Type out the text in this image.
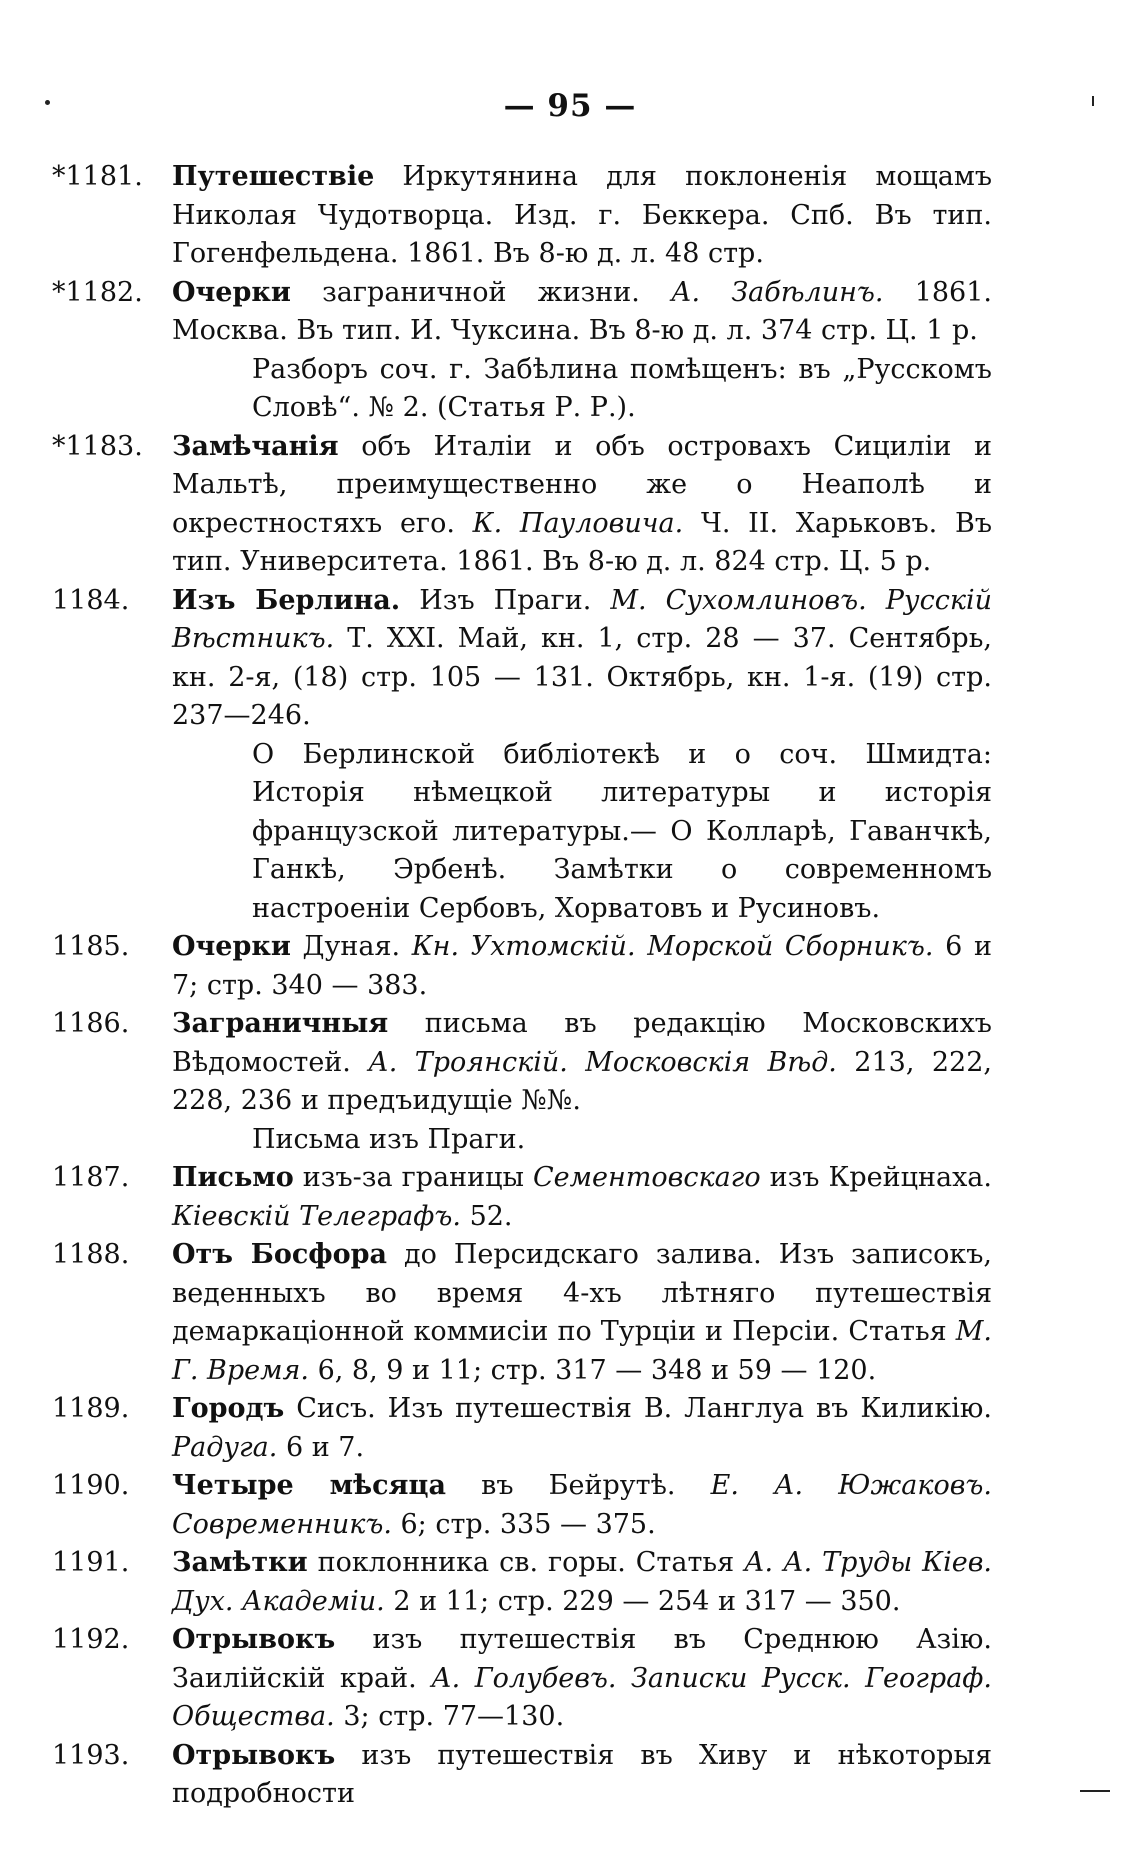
— 95 —
*1181.	Путешествіе Иркутянина для поклоненія мощамъ Николая Чудотворца. Изд. г. Беккера. Спб. Въ тип. Гогенфельдена. 1861. Въ 8-ю д. л. 48 стр.
*1182.	Очерки заграничной жизни. А. Забѣлинъ. 1861. Москва. Въ тип. И. Чуксина. Въ 8-ю д. л. 374 стр. Ц. 1 р.
Разборъ соч. г. Забѣлина помѣщенъ: въ „Русскомъ Словѣ“. № 2. (Статья Р. Р.).
*1183.	Замѣчанія объ Италіи и объ островахъ Сициліи и Мальтѣ, преимущественно же о Неаполѣ и окрестностяхъ его. К. Пауловича. Ч. II. Харьковъ. Въ тип. Университета. 1861. Въ 8-ю д. л. 824 стр. Ц. 5 р.
1184.	Изъ Берлина. Изъ Праги. М. Сухомлиновъ. Русскій Вѣстникъ. Т. XXI. Май, кн. 1, стр. 28 — 37. Сентябрь, кн. 2-я, (18) стр. 105 — 131. Октябрь, кн. 1-я. (19) стр. 237—246.
О Берлинской библіотекѣ и о соч. Шмидта: Исторія нѣмецкой литературы и исторія французской литературы.— О Колларѣ, Гаванчкѣ, Ганкѣ, Эрбенѣ. Замѣтки о современномъ настроеніи Сербовъ, Хорватовъ и Русиновъ.
1185.	Очерки Дуная. Кн. Ухтомскій. Морской Сборникъ. 6 и 7; стр. 340 — 383.
1186.	Заграничныя письма въ редакцію Московскихъ Вѣдомостей. А. Троянскій. Московскія Вѣд. 213, 222, 228, 236 и предъидущіе №№.
Письма изъ Праги.
1187.	Письмо изъ-за границы Сементовскаго изъ Крейцнаха. Кіевскій Телеграфъ. 52.
1188.	Отъ Босфора до Персидскаго залива. Изъ записокъ, веденныхъ во время 4-хъ лѣтняго путешествія демаркаціонной коммисіи по Турціи и Персіи. Статья М. Г. Время. 6, 8, 9 и 11; стр. 317 — 348 и 59 — 120.
1189.	Городъ Сисъ. Изъ путешествія В. Ланглуа въ Киликію. Радуга. 6 и 7.
1190.	Четыре мѣсяца въ Бейрутѣ. Е. А. Южаковъ. Современникъ. 6; стр. 335 — 375.
1191.	Замѣтки поклонника св. горы. Статья А. А. Труды Кіев. Дух. Академіи. 2 и 11; стр. 229 — 254 и 317 — 350.
1192.	Отрывокъ изъ путешествія въ Среднюю Азію. Заилійскій край. А. Голубевъ. Записки Русск. Географ. Общества. 3; стр. 77—130.
1193.	Отрывокъ изъ путешествія въ Хиву и нѣкоторыя подробности
